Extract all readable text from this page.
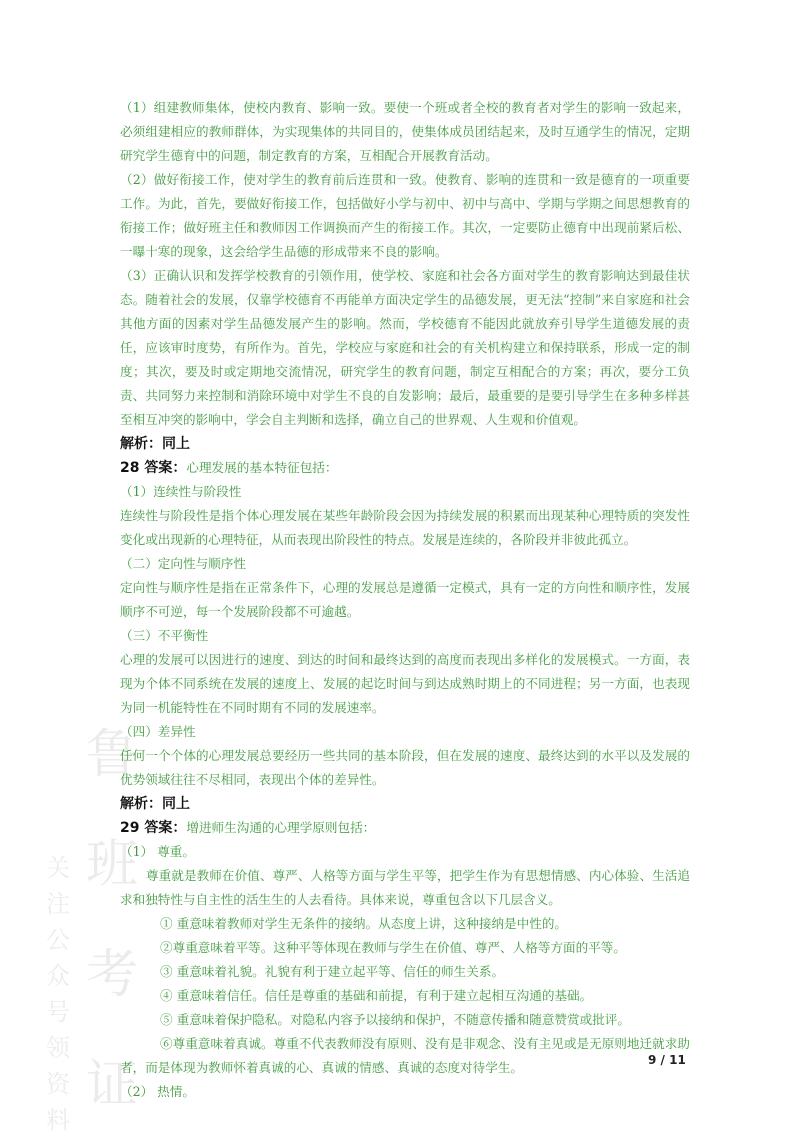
鲁
班
考
证
关
注
公
众
号
领
资
料

（1）组建教师集体，使校内教育、影响一致。要使一个班或者全校的教育者对学生的影响一致起来，必须组建相应的教师群体，为实现集体的共同目的，使集体成员团结起来，及时互通学生的情况，定期研究学生德育中的问题，制定教育的方案，互相配合开展教育活动。

（2）做好衔接工作，使对学生的教育前后连贯和一致。使教育、影响的连贯和一致是德育的一项重要工作。为此，首先，要做好衔接工作，包括做好小学与初中、初中与高中、学期与学期之间思想教育的衔接工作；做好班主任和教师因工作调换而产生的衔接工作。其次，一定要防止德育中出现前紧后松、一曝十寒的现象，这会给学生品德的形成带来不良的影响。

（3）正确认识和发挥学校教育的引领作用，使学校、家庭和社会各方面对学生的教育影响达到最佳状态。随着社会的发展，仅靠学校德育不再能单方面决定学生的品德发展，更无法“控制”来自家庭和社会其他方面的因素对学生品德发展产生的影响。然而，学校德育不能因此就放弃引导学生道德发展的责任，应该审时度势，有所作为。首先，学校应与家庭和社会的有关机构建立和保持联系，形成一定的制度；其次，要及时或定期地交流情况，研究学生的教育问题，制定互相配合的方案；再次，要分工负责、共同努力来控制和消除环境中对学生不良的自发影响；最后，最重要的是要引导学生在多种多样甚至相互冲突的影响中，学会自主判断和选择，确立自己的世界观、人生观和价值观。

解析：同上

28 答案：心理发展的基本特征包括：

（1）连续性与阶段性

连续性与阶段性是指个体心理发展在某些年龄阶段会因为持续发展的积累而出现某种心理特质的突发性变化或出现新的心理特征，从而表现出阶段性的特点。发展是连续的，各阶段并非彼此孤立。

（二）定向性与顺序性

定向性与顺序性是指在正常条件下，心理的发展总是遵循一定模式，具有一定的方向性和顺序性，发展顺序不可逆，每一个发展阶段都不可逾越。

（三）不平衡性

心理的发展可以因进行的速度、到达的时间和最终达到的高度而表现出多样化的发展模式。一方面，表现为个体不同系统在发展的速度上、发展的起讫时间与到达成熟时期上的不同进程；另一方面，也表现为同一机能特性在不同时期有不同的发展速率。

（四）差异性

任何一个个体的心理发展总要经历一些共同的基本阶段，但在发展的速度、最终达到的水平以及发展的优势领域往往不尽相同，表现出个体的差异性。

解析：同上

29 答案：增进师生沟通的心理学原则包括：

（1） 尊重。

尊重就是教师在价值、尊严、人格等方面与学生平等，把学生作为有思想情感、内心体验、生活追求和独特性与自主性的活生生的人去看待。具体来说，尊重包含以下几层含义。

① 重意味着教师对学生无条件的接纳。从态度上讲，这种接纳是中性的。

②尊重意味着平等。这种平等体现在教师与学生在价值、尊严、人格等方面的平等。

③ 重意味着礼貌。礼貌有利于建立起平等、信任的师生关系。

④ 重意味着信任。信任是尊重的基础和前提，有利于建立起相互沟通的基础。

⑤ 重意味着保护隐私。对隐私内容予以接纳和保护，不随意传播和随意赞赏或批评。

⑥尊重意味着真诚。尊重不代表教师没有原则、没有是非观念、没有主见或是无原则地迁就求助者，而是体现为教师怀着真诚的心、真诚的情感、真诚的态度对待学生。

（2） 热情。

9 / 11
